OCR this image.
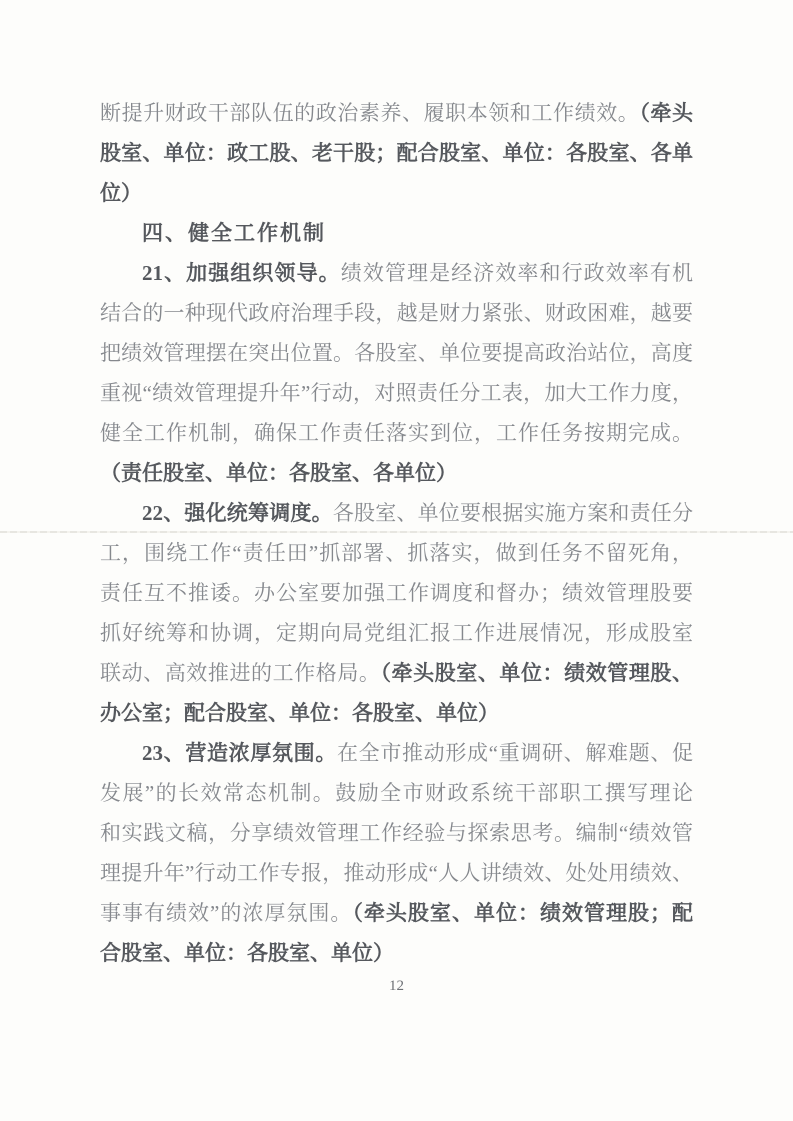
断提升财政干部队伍的政治素养、履职本领和工作绩效。（牵头
股室、单位：政工股、老干股；配合股室、单位：各股室、各单
位）
四、健全工作机制
21、加强组织领导。绩效管理是经济效率和行政效率有机
结合的一种现代政府治理手段，越是财力紧张、财政困难，越要
把绩效管理摆在突出位置。各股室、单位要提高政治站位，高度
重视“绩效管理提升年”行动，对照责任分工表，加大工作力度，
健全工作机制，确保工作责任落实到位，工作任务按期完成。
（责任股室、单位：各股室、各单位）
22、强化统筹调度。各股室、单位要根据实施方案和责任分
工，围绕工作“责任田”抓部署、抓落实，做到任务不留死角，
责任互不推诿。办公室要加强工作调度和督办；绩效管理股要
抓好统筹和协调，定期向局党组汇报工作进展情况，形成股室
联动、高效推进的工作格局。（牵头股室、单位：绩效管理股、
办公室；配合股室、单位：各股室、单位）
23、营造浓厚氛围。在全市推动形成“重调研、解难题、促
发展”的长效常态机制。鼓励全市财政系统干部职工撰写理论
和实践文稿，分享绩效管理工作经验与探索思考。编制“绩效管
理提升年”行动工作专报，推动形成“人人讲绩效、处处用绩效、
事事有绩效”的浓厚氛围。（牵头股室、单位：绩效管理股；配
合股室、单位：各股室、单位）
12
